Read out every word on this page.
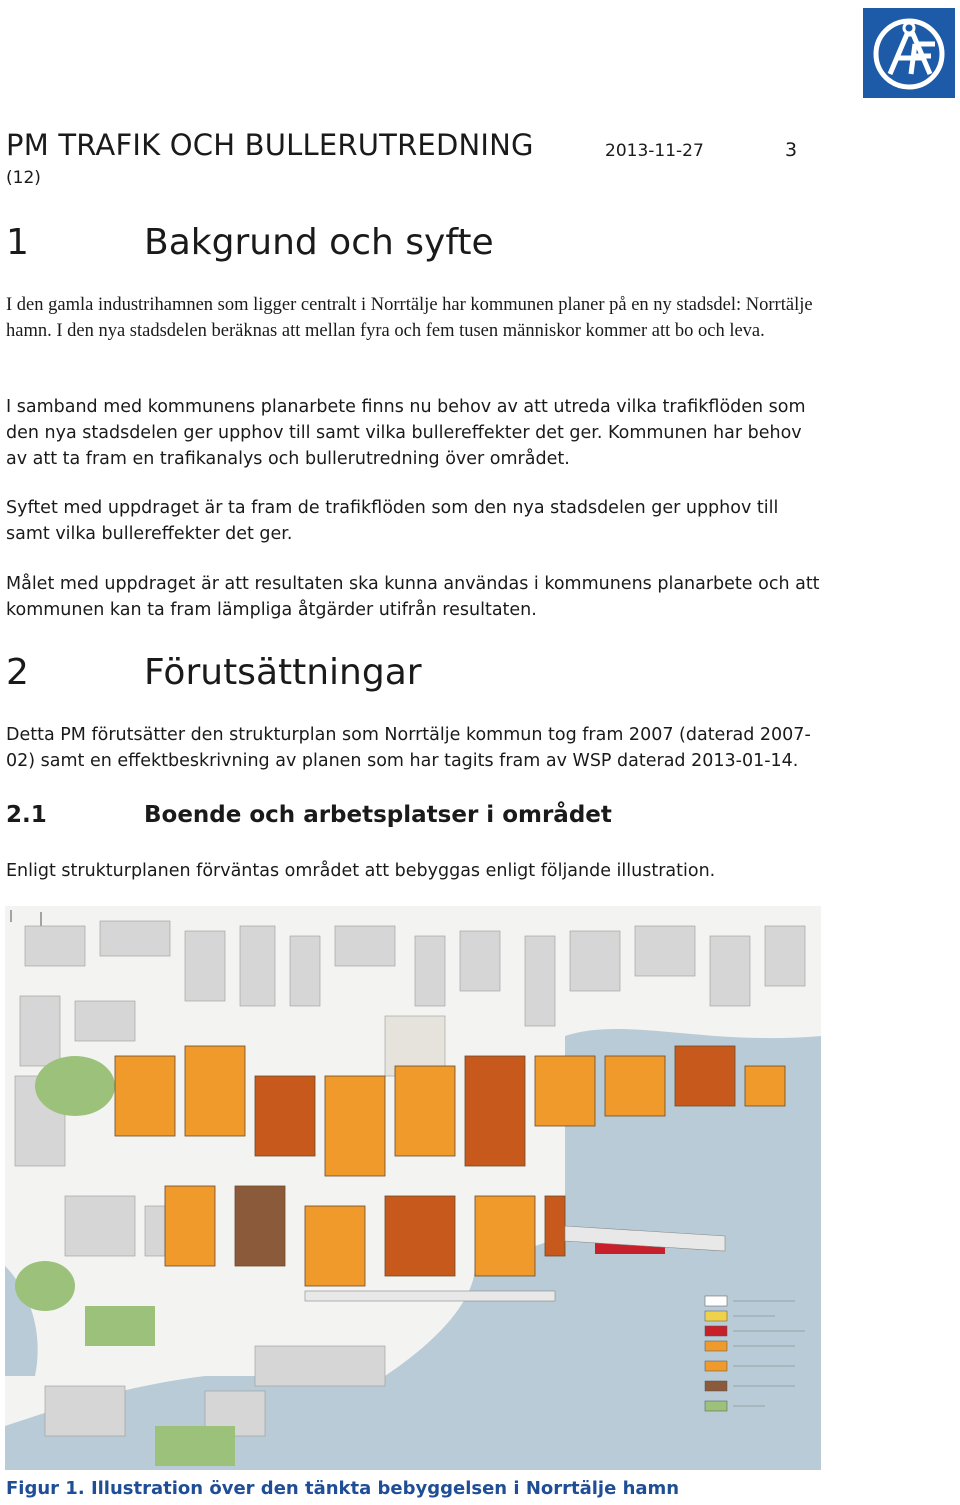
PM TRAFIK OCH BULLERUTREDNING	2013-11-27	3
(12)
1	Bakgrund och syfte
I den gamla industrihamnen som ligger centralt i Norrtälje har kommunen planer på en ny stadsdel: Norrtälje hamn. I den nya stadsdelen beräknas att mellan fyra och fem tusen människor kommer att bo och leva.
I samband med kommunens planarbete finns nu behov av att utreda vilka trafikflöden som den nya stadsdelen ger upphov till samt vilka bullereffekter det ger. Kommunen har behov av att ta fram en trafikanalys och bullerutredning över området.
Syftet med uppdraget är ta fram de trafikflöden som den nya stadsdelen ger upphov till samt vilka bullereffekter det ger.
Målet med uppdraget är att resultaten ska kunna användas i kommunens planarbete och att kommunen kan ta fram lämpliga åtgärder utifrån resultaten.
2	Förutsättningar
Detta PM förutsätter den strukturplan som Norrtälje kommun tog fram 2007 (daterad 2007-02) samt en effektbeskrivning av planen som har tagits fram av WSP daterad 2013-01-14.
2.1	Boende och arbetsplatser i området
Enligt strukturplanen förväntas området att bebyggas enligt följande illustration.
Figur 1. Illustration över den tänkta bebyggelsen i Norrtälje hamn
